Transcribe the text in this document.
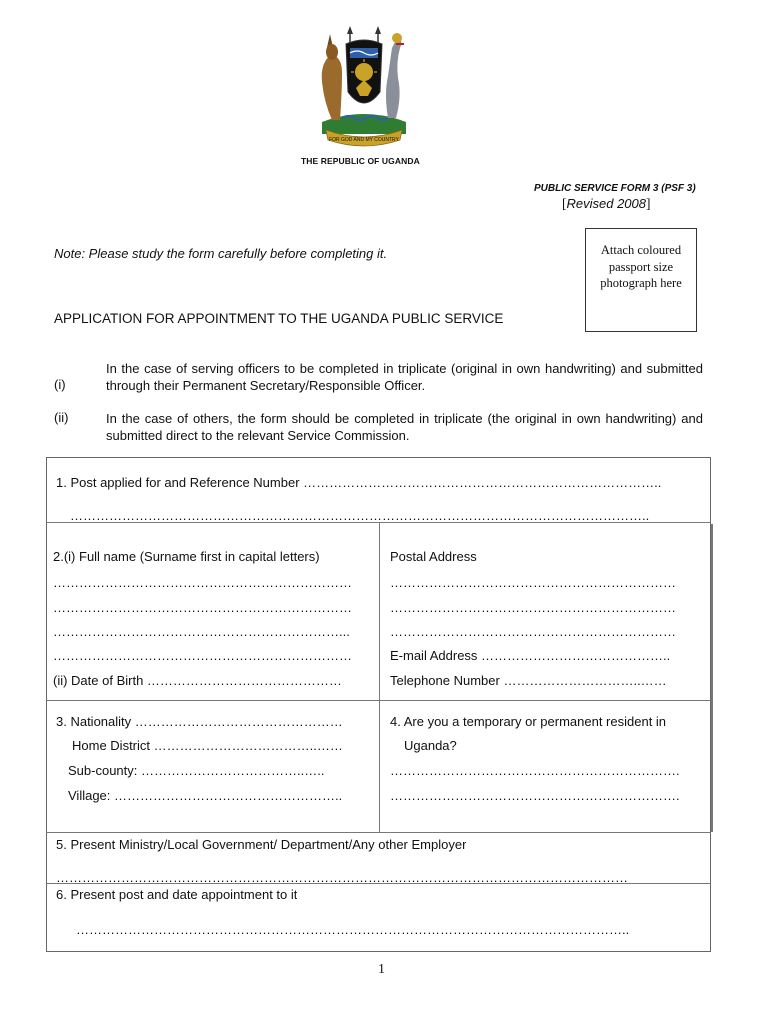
FOR GOD AND MY COUNTRY
THE REPUBLIC OF UGANDA
PUBLIC SERVICE FORM 3 (PSF 3)
[Revised 2008]
Note: Please study the form carefully before completing it.	Attach coloured
passport size
photograph here
APPLICATION FOR APPOINTMENT TO THE UGANDA PUBLIC SERVICE
(i)
In the case of serving officers to be completed in triplicate (original in own handwriting) and submitted through their Permanent Secretary/Responsible Officer.
(ii)	In the case of others, the form should be completed in triplicate (the original in own handwriting) and submitted direct to the relevant Service Commission.
1. Post applied for and Reference Number ………………………………………………………………………..
……………………………………………………………………………………………………………………..
2.(i) Full name (Surname first in capital letters)
……………………………………………………………
……………………………………………………………
…………………………………………………………...
……………………………………………………………
(ii) Date of Birth ………………………………………
Postal Address
…………………………………………………………
…………………………………………………………
…………………………………………………………
E-mail Address ……………………………………..
Telephone Number …………………………..……
3. Nationality …………………………………………
Home District ………………………………..……
Sub-county: ………………………………..…..
Village: ……………………………………………..
4. Are you a temporary or permanent resident in
Uganda?
………………………………………………………….
………………………………………………………….
5. Present Ministry/Local Government/ Department/Any other Employer
……………………………………………………………………………………………………………………
6. Present post and date appointment to it
………………………………………………………………………………………………………………..
1
